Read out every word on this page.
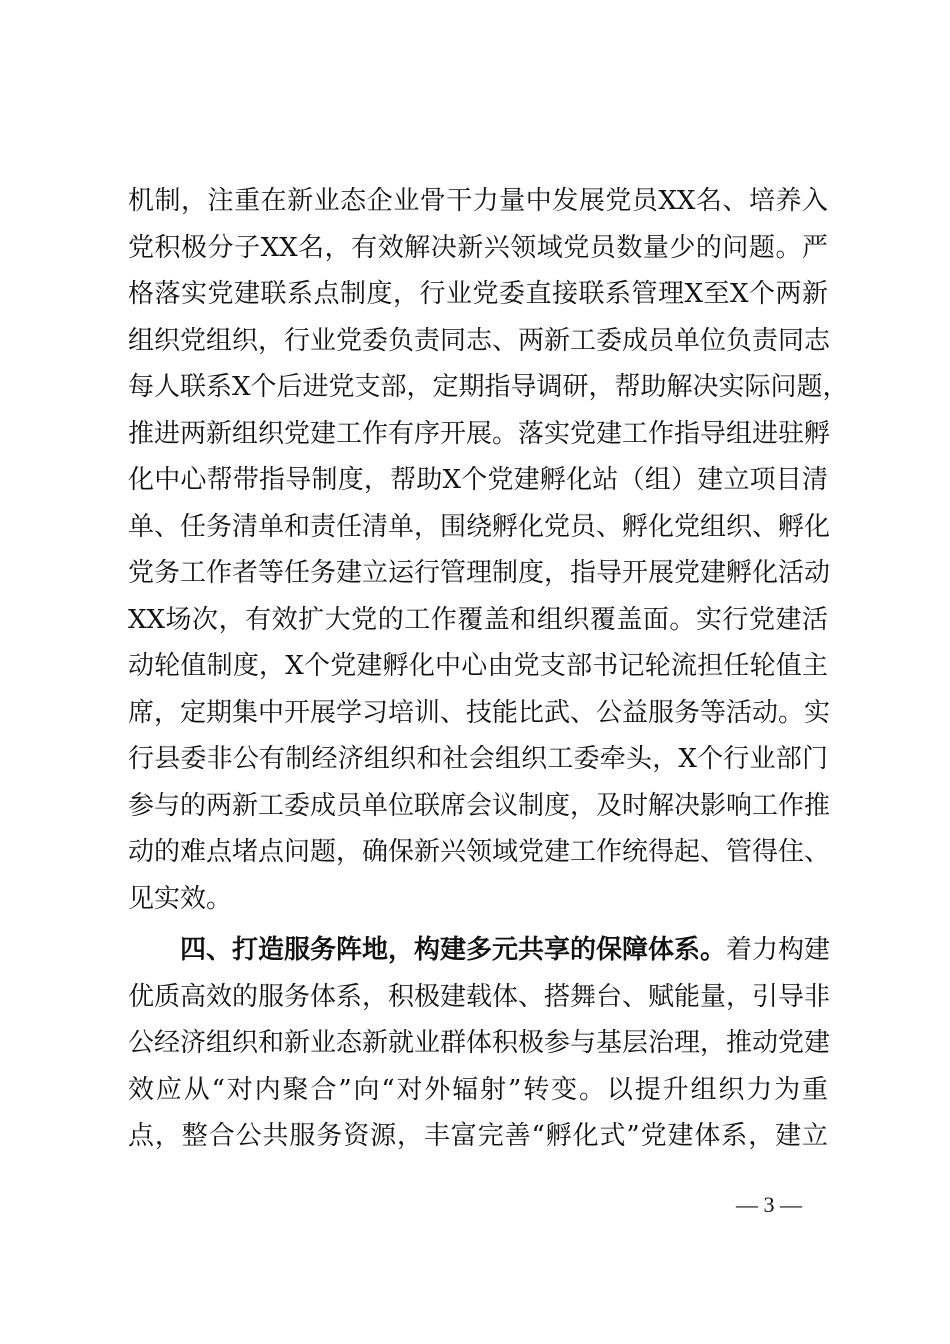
机制，注重在新业态企业骨干力量中发展党员XX名、培养入
党积极分子XX名，有效解决新兴领域党员数量少的问题。严
格落实党建联系点制度，行业党委直接联系管理X至X个两新
组织党组织，行业党委负责同志、两新工委成员单位负责同志
每人联系X个后进党支部，定期指导调研，帮助解决实际问题，
推进两新组织党建工作有序开展。落实党建工作指导组进驻孵
化中心帮带指导制度，帮助X个党建孵化站（组）建立项目清
单、任务清单和责任清单，围绕孵化党员、孵化党组织、孵化
党务工作者等任务建立运行管理制度，指导开展党建孵化活动
XX场次，有效扩大党的工作覆盖和组织覆盖面。实行党建活
动轮值制度，X个党建孵化中心由党支部书记轮流担任轮值主
席，定期集中开展学习培训、技能比武、公益服务等活动。实
行县委非公有制经济组织和社会组织工委牵头，X个行业部门
参与的两新工委成员单位联席会议制度，及时解决影响工作推
动的难点堵点问题，确保新兴领域党建工作统得起、管得住、
见实效。
四、打造服务阵地，构建多元共享的保障体系。着力构建
优质高效的服务体系，积极建载体、搭舞台、赋能量，引导非
公经济组织和新业态新就业群体积极参与基层治理，推动党建
效应从“对内聚合”向“对外辐射”转变。以提升组织力为重
点，整合公共服务资源，丰富完善“孵化式”党建体系，建立
— 3 —
